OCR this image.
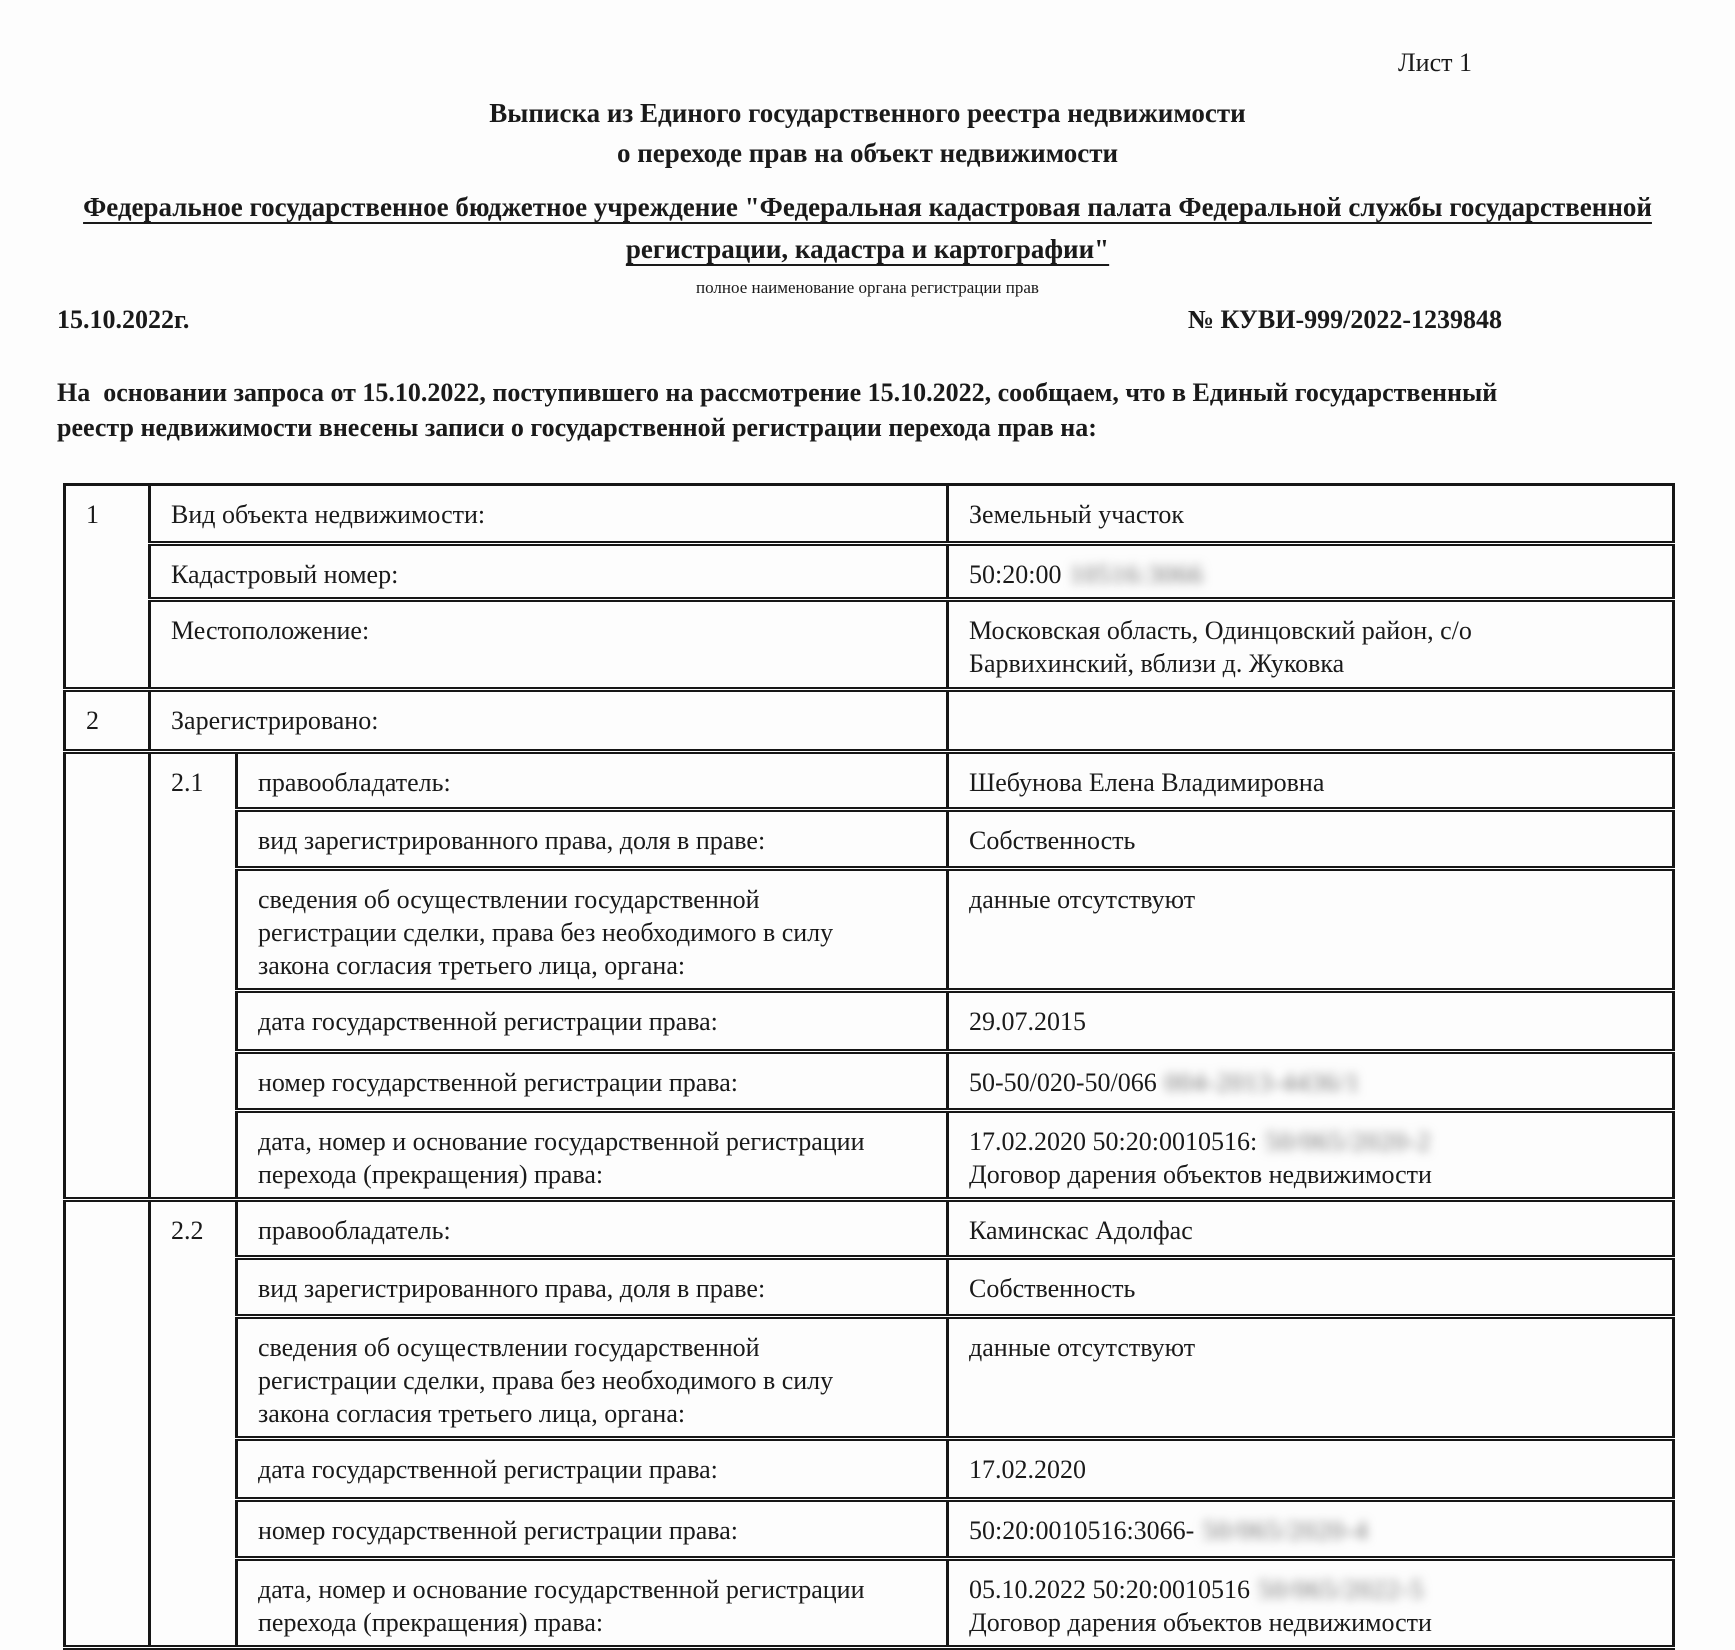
Лист 1
Выписка из Единого государственного реестра недвижимости
о переходе прав на объект недвижимости
Федеральное государственное бюджетное учреждение "Федеральная кадастровая палата Федеральной службы государственной
регистрации, кадастра и картографии"
полное наименование органа регистрации прав
15.10.2022г.	№ КУВИ-999/2022-1239848
На  основании запроса от 15.10.2022, поступившего на рассмотрение 15.10.2022, сообщаем, что в Единый государственный
реестр недвижимости внесены записи о государственной регистрации перехода прав на:
1	Вид объекта недвижимости:		Земельный участок
	Кадастровый номер:		50:20:00 10516:3066
	Местоположение:		Московская область, Одинцовский район, с/о
Барвихинский, вблизи д. Жуковка

2	Зарегистрировано:		
	2.1	правообладатель:	Шебунова Елена Владимировна
		вид зарегистрированного права, доля в праве:	Собственность

		сведения об осуществлении государственной
регистрации сделки, права без необходимого в силу
закона согласия третьего лица, органа:	данные отсутствуют
		дата государственной регистрации права:	29.07.2015
		номер государственной регистрации права:	50-50/020-50/066 004-2013-4436/1

		дата, номер и основание государственной регистрации
перехода (прекращения) права:	17.02.2020 50:20:0010516: 50/065/2020-2
Договор дарения объектов недвижимости

	2.2	правообладатель:	Каминскас Адолфас
		вид зарегистрированного права, доля в праве:	Собственность

		сведения об осуществлении государственной
регистрации сделки, права без необходимого в силу
закона согласия третьего лица, органа:	данные отсутствуют
		дата государственной регистрации права:	17.02.2020
		номер государственной регистрации права:	50:20:0010516:3066- 50/065/2020-4

		дата, номер и основание государственной регистрации
перехода (прекращения) права:	05.10.2022 50:20:0010516 50/065/2022-5
Договор дарения объектов недвижимости
